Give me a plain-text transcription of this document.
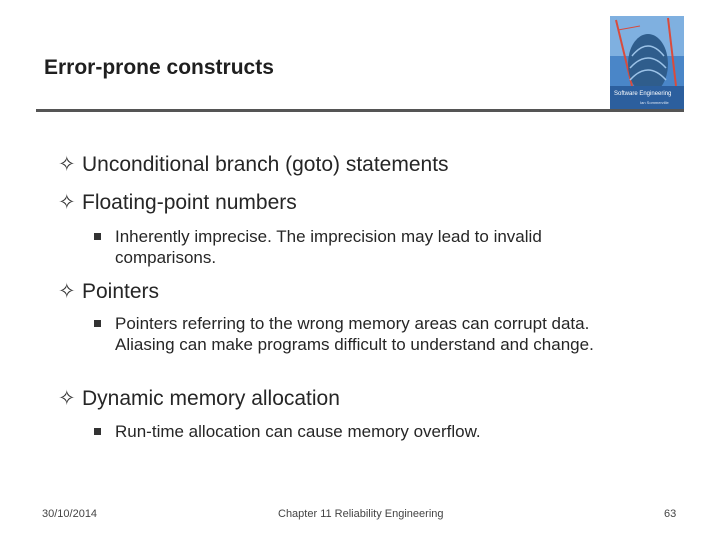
Error-prone constructs
Software Engineering
Ian Sommerville
✧ Unconditional branch (goto) statements
✧ Floating-point numbers
Inherently imprecise. The imprecision may lead to invalid comparisons.
✧ Pointers
Pointers referring to the wrong memory areas can corrupt data. Aliasing can make programs difficult to understand and change.
✧ Dynamic memory allocation
Run-time allocation can cause memory overflow.
30/10/2014	Chapter 11 Reliability Engineering	63
